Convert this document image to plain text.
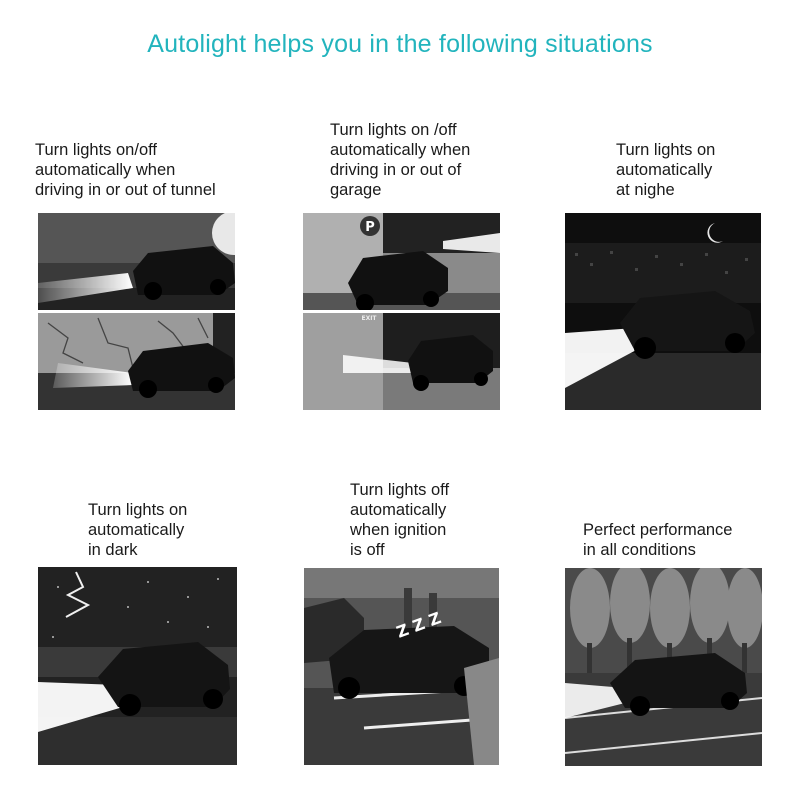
Autolight helps you in the following situations
Turn lights on/off
automatically when
driving in or out of tunnel
Turn lights on /off
automatically when
driving in or out of
garage
Turn lights on
automatically
at nighe
Turn lights on
automatically
in dark
Turn lights off
automatically
when ignition
is off
Perfect performance
in all conditions
P
EXIT
Z Z Z
